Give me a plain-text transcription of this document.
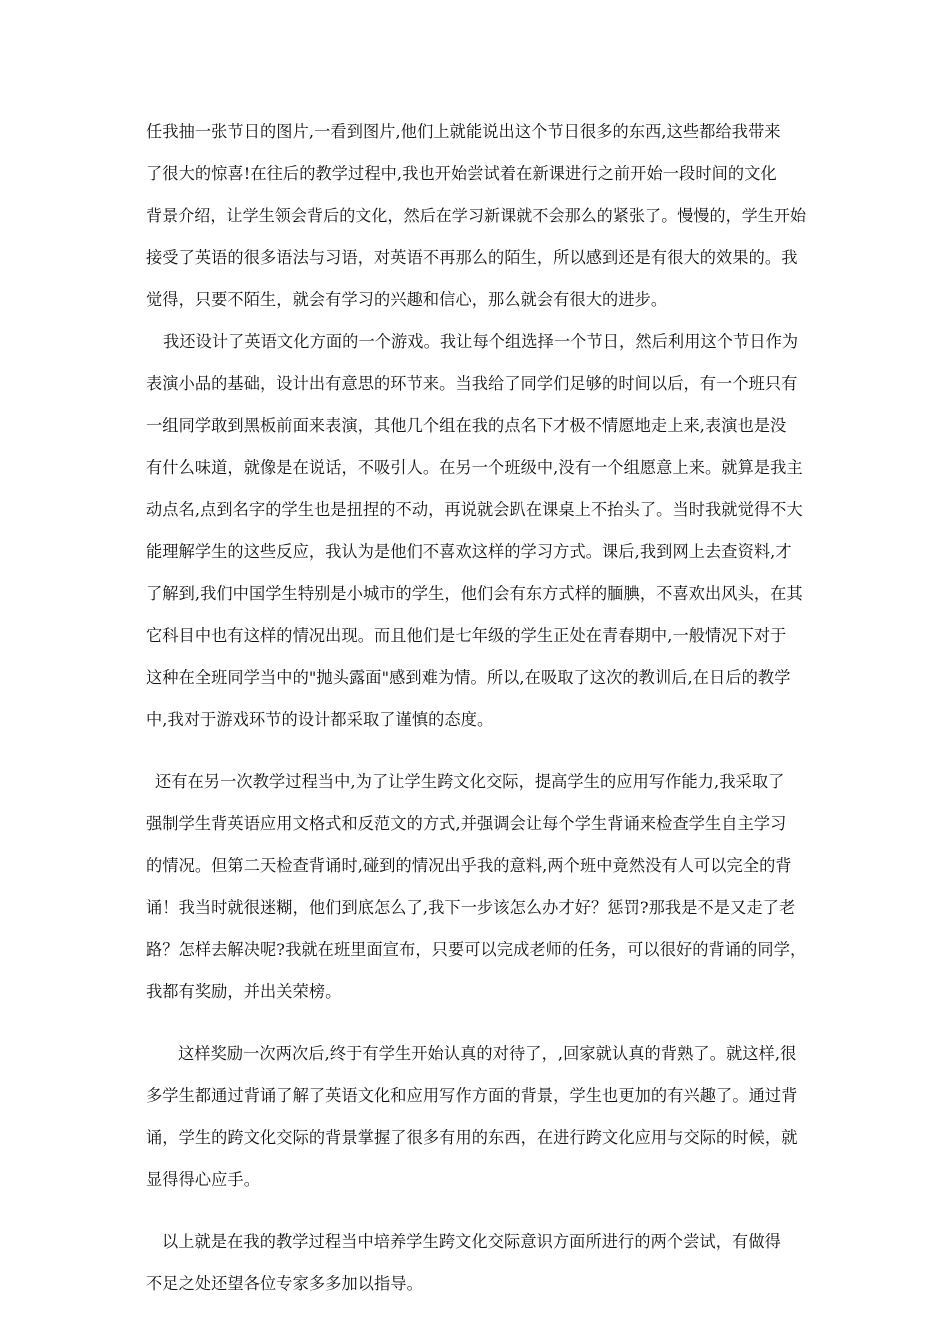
任我抽一张节日的图片,一看到图片,他们上就能说出这个节日很多的东西,这些都给我带来
了很大的惊喜!在往后的教学过程中,我也开始尝试着在新课进行之前开始一段时间的文化
背景介绍，让学生领会背后的文化，然后在学习新课就不会那么的紧张了。慢慢的，学生开始
接受了英语的很多语法与习语，对英语不再那么的陌生，所以感到还是有很大的效果的。我
觉得，只要不陌生，就会有学习的兴趣和信心，那么就会有很大的进步。
我还设计了英语文化方面的一个游戏。我让每个组选择一个节日，然后利用这个节日作为
表演小品的基础，设计出有意思的环节来。当我给了同学们足够的时间以后，有一个班只有
一组同学敢到黑板前面来表演，其他几个组在我的点名下才极不情愿地走上来,表演也是没
有什么味道，就像是在说话，不吸引人。在另一个班级中,没有一个组愿意上来。就算是我主
动点名,点到名字的学生也是扭捏的不动，再说就会趴在课桌上不抬头了。当时我就觉得不大
能理解学生的这些反应，我认为是他们不喜欢这样的学习方式。课后,我到网上去查资料,才
了解到,我们中国学生特别是小城市的学生，他们会有东方式样的腼腆，不喜欢出风头，在其
它科目中也有这样的情况出现。而且他们是七年级的学生正处在青春期中,一般情况下对于
这种在全班同学当中的"抛头露面"感到难为情。所以,在吸取了这次的教训后,在日后的教学
中,我对于游戏环节的设计都采取了谨慎的态度。
还有在另一次教学过程当中,为了让学生跨文化交际，提高学生的应用写作能力,我采取了
强制学生背英语应用文格式和反范文的方式,并强调会让每个学生背诵来检查学生自主学习
的情况。但第二天检查背诵时,碰到的情况出乎我的意料,两个班中竟然没有人可以完全的背
诵！我当时就很迷糊，他们到底怎么了,我下一步该怎么办才好？惩罚?那我是不是又走了老
路？怎样去解决呢?我就在班里面宣布，只要可以完成老师的任务，可以很好的背诵的同学，
我都有奖励，并出关荣榜。
这样奖励一次两次后,终于有学生开始认真的对待了，,回家就认真的背熟了。就这样,很
多学生都通过背诵了解了英语文化和应用写作方面的背景，学生也更加的有兴趣了。通过背
诵，学生的跨文化交际的背景掌握了很多有用的东西，在进行跨文化应用与交际的时候，就
显得得心应手。
以上就是在我的教学过程当中培养学生跨文化交际意识方面所进行的两个尝试，有做得
不足之处还望各位专家多多加以指导。
